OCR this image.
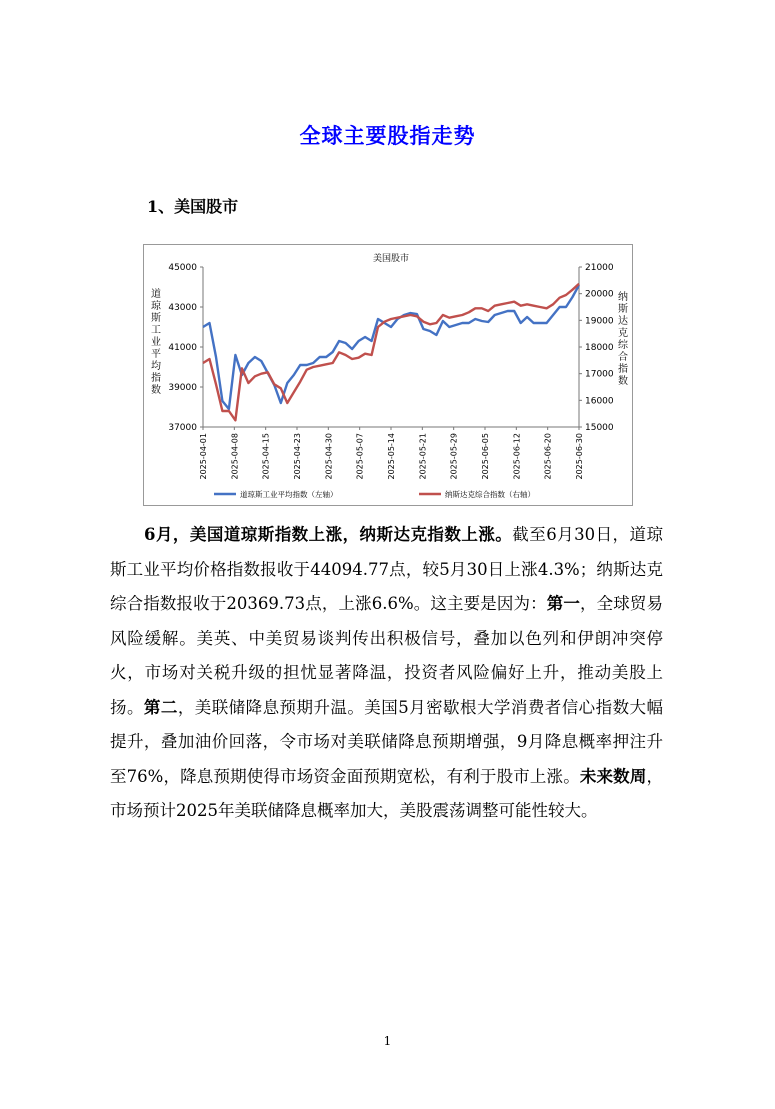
全球主要股指走势
1、美国股市
美国股市
45000
43000
41000
39000
37000
21000
20000
19000
18000
17000
16000
15000
道
琼
斯
工
业
平
均
指
数
纳
斯
达
克
综
合
指
数
2025-04-01	2025-04-08	2025-04-15	2025-04-23	2025-04-30	2025-05-07	2025-05-14	2025-05-21	2025-05-29	2025-06-05	2025-06-12	2025-06-20	2025-06-30
道琼斯工业平均指数（左轴）	纳斯达克综合指数（右轴）
6月，美国道琼斯指数上涨，纳斯达克指数上涨。截至6月30日，道琼斯工业平均价格指数报收于44094.77点，较5月30日上涨4.3%；纳斯达克综合指数报收于20369.73点，上涨6.6%。这主要是因为：第一，全球贸易风险缓解。美英、中美贸易谈判传出积极信号，叠加以色列和伊朗冲突停火，市场对关税升级的担忧显著降温，投资者风险偏好上升，推动美股上扬。第二，美联储降息预期升温。美国5月密歇根大学消费者信心指数大幅提升，叠加油价回落，令市场对美联储降息预期增强，9月降息概率押注升至76%，降息预期使得市场资金面预期宽松，有利于股市上涨。未来数周，市场预计2025年美联储降息概率加大，美股震荡调整可能性较大。
1
